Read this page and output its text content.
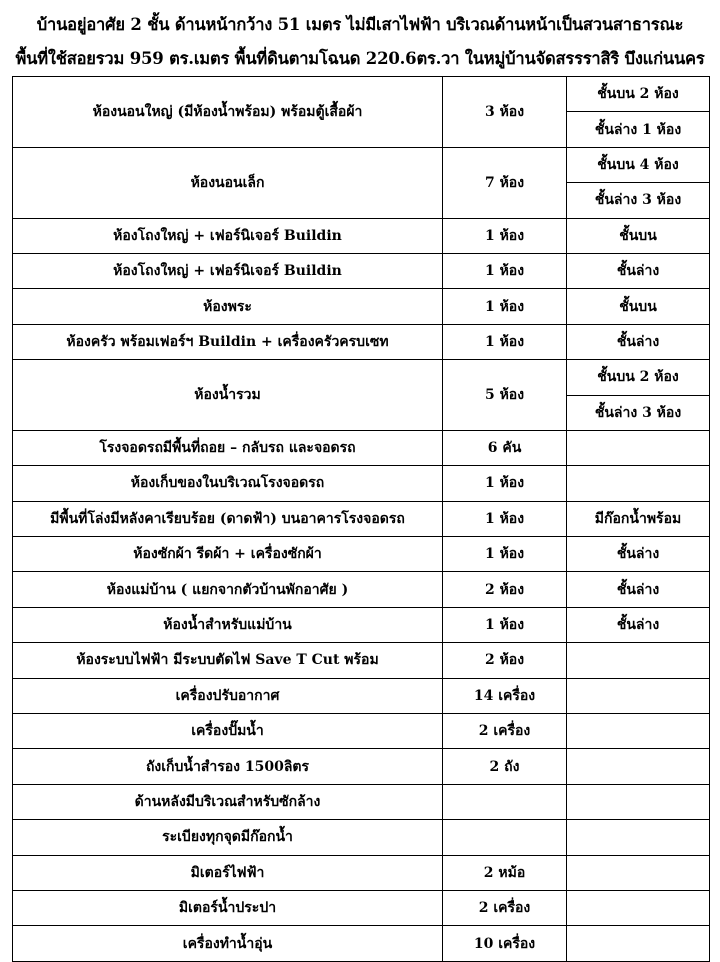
บ้านอยู่อาศัย 2 ชั้น ด้านหน้ากว้าง 51 เมตร ไม่มีเสาไฟฟ้า บริเวณด้านหน้าเป็นสวนสาธารณะ
พื้นที่ใช้สอยรวม 959 ตร.เมตร พื้นที่ดินตามโฉนด 220.6ตร.วา ในหมู่บ้านจัดสรรราสิริ บึงแก่นนคร
ห้องนอนใหญ่ (มีห้องน้ำพร้อม) พร้อมตู้เสื้อผ้า	3 ห้อง	ชั้นบน 2 ห้อง
		ชั้นล่าง 1 ห้อง
ห้องนอนเล็ก	7 ห้อง	ชั้นบน 4 ห้อง
		ชั้นล่าง 3 ห้อง
ห้องโถงใหญ่ + เฟอร์นิเจอร์ Buildin	1 ห้อง	ชั้นบน
ห้องโถงใหญ่ + เฟอร์นิเจอร์ Buildin	1 ห้อง	ชั้นล่าง
ห้องพระ	1 ห้อง	ชั้นบน
ห้องครัว พร้อมเฟอร์ฯ Buildin + เครื่องครัวครบเซท	1 ห้อง	ชั้นล่าง
ห้องน้ำรวม	5 ห้อง	ชั้นบน 2 ห้อง
		ชั้นล่าง 3 ห้อง
โรงจอดรถมีพื้นที่ถอย – กลับรถ และจอดรถ	6 คัน	
ห้องเก็บของในบริเวณโรงจอดรถ	1 ห้อง	
มีพื้นที่โล่งมีหลังคาเรียบร้อย (ดาดฟ้า) บนอาคารโรงจอดรถ	1 ห้อง	มีก๊อกน้ำพร้อม
ห้องซักผ้า รีดผ้า + เครื่องซักผ้า	1 ห้อง	ชั้นล่าง
ห้องแม่บ้าน ( แยกจากตัวบ้านพักอาศัย )	2 ห้อง	ชั้นล่าง
ห้องน้ำสำหรับแม่บ้าน	1 ห้อง	ชั้นล่าง
ห้องระบบไฟฟ้า มีระบบตัดไฟ Save T Cut พร้อม	2 ห้อง	
เครื่องปรับอากาศ	14 เครื่อง	
เครื่องปั๊มน้ำ	2 เครื่อง	
ถังเก็บน้ำสำรอง 1500ลิตร	2 ถัง	
ด้านหลังมีบริเวณสำหรับซักล้าง		
ระเบียงทุกจุดมีก๊อกน้ำ		
มิเตอร์ไฟฟ้า	2 หม้อ	
มิเตอร์น้ำประปา	2 เครื่อง	
เครื่องทำน้ำอุ่น	10 เครื่อง	
